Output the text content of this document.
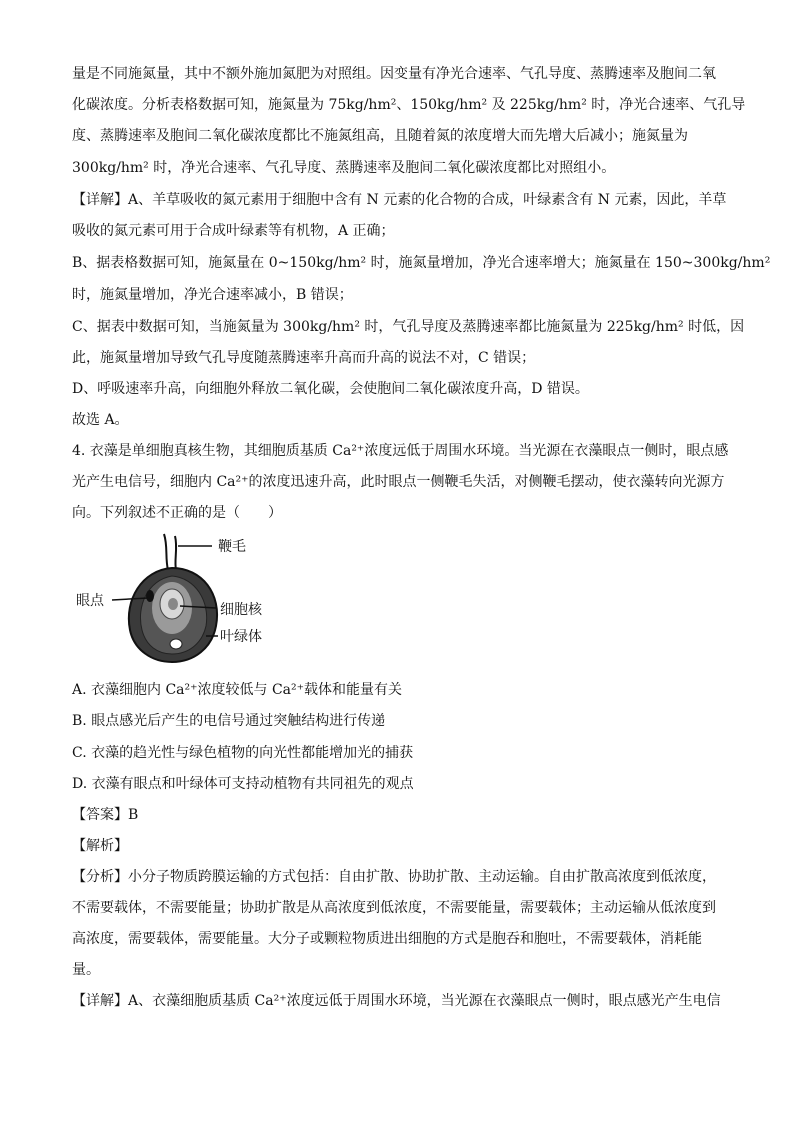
量是不同施氮量，其中不额外施加氮肥为对照组。因变量有净光合速率、气孔导度、蒸腾速率及胞间二氧
化碳浓度。分析表格数据可知，施氮量为 75kg/hm²、150kg/hm² 及 225kg/hm² 时，净光合速率、气孔导
度、蒸腾速率及胞间二氧化碳浓度都比不施氮组高，且随着氮的浓度增大而先增大后减小；施氮量为
300kg/hm² 时，净光合速率、气孔导度、蒸腾速率及胞间二氧化碳浓度都比对照组小。
【详解】A、羊草吸收的氮元素用于细胞中含有 N 元素的化合物的合成，叶绿素含有 N 元素，因此，羊草
吸收的氮元素可用于合成叶绿素等有机物，A 正确；
B、据表格数据可知，施氮量在 0~150kg/hm² 时，施氮量增加，净光合速率增大；施氮量在 150~300kg/hm²
时，施氮量增加，净光合速率减小，B 错误；
C、据表中数据可知，当施氮量为 300kg/hm² 时，气孔导度及蒸腾速率都比施氮量为 225kg/hm² 时低，因
此，施氮量增加导致气孔导度随蒸腾速率升高而升高的说法不对，C 错误；
D、呼吸速率升高，向细胞外释放二氧化碳，会使胞间二氧化碳浓度升高，D 错误。
故选 A。
4. 衣藻是单细胞真核生物，其细胞质基质 Ca²⁺浓度远低于周围水环境。当光源在衣藻眼点一侧时，眼点感
光产生电信号，细胞内 Ca²⁺的浓度迅速升高，此时眼点一侧鞭毛失活，对侧鞭毛摆动，使衣藻转向光源方
向。下列叙述不正确的是（　　）
鞭毛
眼点
细胞核
叶绿体
A. 衣藻细胞内 Ca²⁺浓度较低与 Ca²⁺载体和能量有关
B. 眼点感光后产生的电信号通过突触结构进行传递
C. 衣藻的趋光性与绿色植物的向光性都能增加光的捕获
D. 衣藻有眼点和叶绿体可支持动植物有共同祖先的观点
【答案】B
【解析】
【分析】小分子物质跨膜运输的方式包括：自由扩散、协助扩散、主动运输。自由扩散高浓度到低浓度，
不需要载体，不需要能量；协助扩散是从高浓度到低浓度，不需要能量，需要载体；主动运输从低浓度到
高浓度，需要载体，需要能量。大分子或颗粒物质进出细胞的方式是胞吞和胞吐，不需要载体，消耗能
量。
【详解】A、衣藻细胞质基质 Ca²⁺浓度远低于周围水环境，当光源在衣藻眼点一侧时，眼点感光产生电信
